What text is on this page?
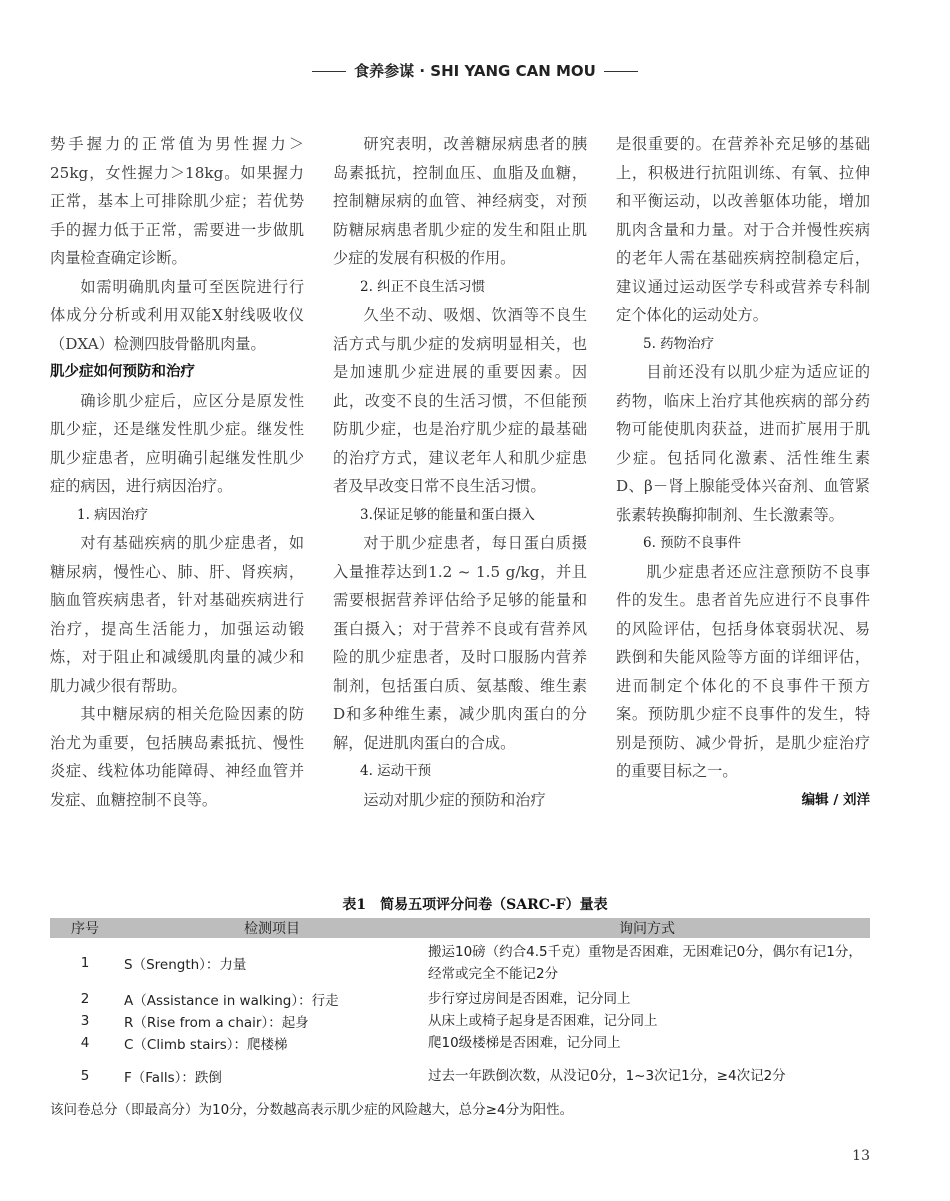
食养参谋 · SHI YANG CAN MOU

势手握力的正常值为男性握力＞25kg，女性握力＞18kg。如果握力正常，基本上可排除肌少症；若优势手的握力低于正常，需要进一步做肌肉量检查确定诊断。

如需明确肌肉量可至医院进行行体成分分析或利用双能X射线吸收仪（DXA）检测四肢骨骼肌肉量。

肌少症如何预防和治疗

确诊肌少症后，应区分是原发性肌少症，还是继发性肌少症。继发性肌少症患者，应明确引起继发性肌少症的病因，进行病因治疗。

1. 病因治疗

对有基础疾病的肌少症患者，如糖尿病，慢性心、肺、肝、肾疾病，脑血管疾病患者，针对基础疾病进行治疗，提高生活能力，加强运动锻炼，对于阻止和减缓肌肉量的减少和肌力减少很有帮助。

其中糖尿病的相关危险因素的防治尤为重要，包括胰岛素抵抗、慢性炎症、线粒体功能障碍、神经血管并发症、血糖控制不良等。

研究表明，改善糖尿病患者的胰岛素抵抗，控制血压、血脂及血糖，控制糖尿病的血管、神经病变，对预防糖尿病患者肌少症的发生和阻止肌少症的发展有积极的作用。

2. 纠正不良生活习惯

久坐不动、吸烟、饮酒等不良生活方式与肌少症的发病明显相关，也是加速肌少症进展的重要因素。因此，改变不良的生活习惯，不但能预防肌少症，也是治疗肌少症的最基础的治疗方式，建议老年人和肌少症患者及早改变日常不良生活习惯。

3.保证足够的能量和蛋白摄入

对于肌少症患者，每日蛋白质摄入量推荐达到1.2 ~ 1.5 g/kg，并且需要根据营养评估给予足够的能量和蛋白摄入；对于营养不良或有营养风险的肌少症患者，及时口服肠内营养制剂，包括蛋白质、氨基酸、维生素D和多种维生素，减少肌肉蛋白的分解，促进肌肉蛋白的合成。

4. 运动干预

运动对肌少症的预防和治疗

是很重要的。在营养补充足够的基础上，积极进行抗阻训练、有氧、拉伸和平衡运动，以改善躯体功能，增加肌肉含量和力量。对于合并慢性疾病的老年人需在基础疾病控制稳定后，建议通过运动医学专科或营养专科制定个体化的运动处方。

5. 药物治疗

目前还没有以肌少症为适应证的药物，临床上治疗其他疾病的部分药物可能使肌肉获益，进而扩展用于肌少症。包括同化激素、活性维生素D、β－肾上腺能受体兴奋剂、血管紧张素转换酶抑制剂、生长激素等。

6. 预防不良事件

肌少症患者还应注意预防不良事件的发生。患者首先应进行不良事件的风险评估，包括身体衰弱状况、易跌倒和失能风险等方面的详细评估，进而制定个体化的不良事件干预方案。预防肌少症不良事件的发生，特别是预防、减少骨折，是肌少症治疗的重要目标之一。

编辑 / 刘洋

表1　简易五项评分问卷（SARC-F）量表
序号	检测项目	询问方式
1	S（Srength）：力量	搬运10磅（约合4.5千克）重物是否困难，无困难记0分，偶尔有记1分，经常或完全不能记2分
2	A（Assistance in walking）：行走	步行穿过房间是否困难，记分同上
3	R（Rise from a chair）：起身	从床上或椅子起身是否困难，记分同上
4	C（Climb stairs）：爬楼梯	爬10级楼梯是否困难，记分同上
5	F（Falls）：跌倒	过去一年跌倒次数，从没记0分，1~3次记1分，≥4次记2分
该问卷总分（即最高分）为10分，分数越高表示肌少症的风险越大，总分≥4分为阳性。
13
